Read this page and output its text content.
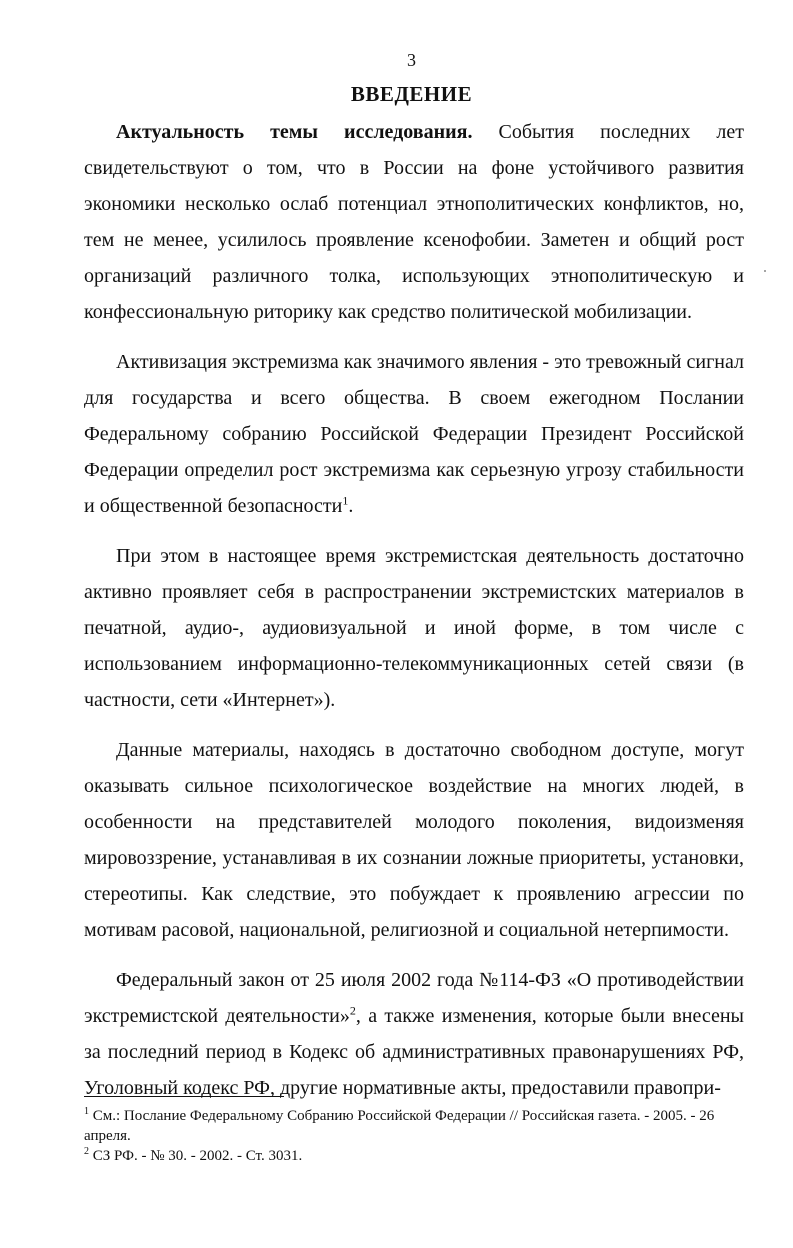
3
ВВЕДЕНИЕ

Актуальность темы исследования. События последних лет свидетельствуют о том, что в России на фоне устойчивого развития экономики несколько ослаб потенциал этнополитических конфликтов, но, тем не менее, усилилось проявление ксенофобии. Заметен и общий рост организаций различного толка, использующих этнополитическую и конфессиональную риторику как средство политической мобилизации.

Активизация экстремизма как значимого явления - это тревожный сигнал для государства и всего общества. В своем ежегодном Послании Федеральному собранию Российской Федерации Президент Российской Федерации определил рост экстремизма как серьезную угрозу стабильности и общественной безопасности$^1$.

При этом в настоящее время экстремистская деятельность достаточно активно проявляет себя в распространении экстремистских материалов в печатной, аудио-, аудиовизуальной и иной форме, в том числе с использованием информационно-телекоммуникационных сетей связи (в частности, сети «Интернет»).

Данные материалы, находясь в достаточно свободном доступе, могут оказывать сильное психологическое воздействие на многих людей, в особенности на представителей молодого поколения, видоизменяя мировоззрение, устанавливая в их сознании ложные приоритеты, установки, стереотипы. Как следствие, это побуждает к проявлению агрессии по мотивам расовой, национальной, религиозной и социальной нетерпимости.

Федеральный закон от 25 июля 2002 года №114-ФЗ «О противодействии экстремистской деятельности»$^2$, а также изменения, которые были внесены за последний период в Кодекс об административных правонарушениях РФ, Уголовный кодекс РФ, другие нормативные акты, предоставили правопри-

$^1$ См.: Послание Федеральному Собранию Российской Федерации // Российская газета. - 2005. - 26 апреля.
$^2$ СЗ РФ. - № 30. - 2002. - Ст. 3031.
